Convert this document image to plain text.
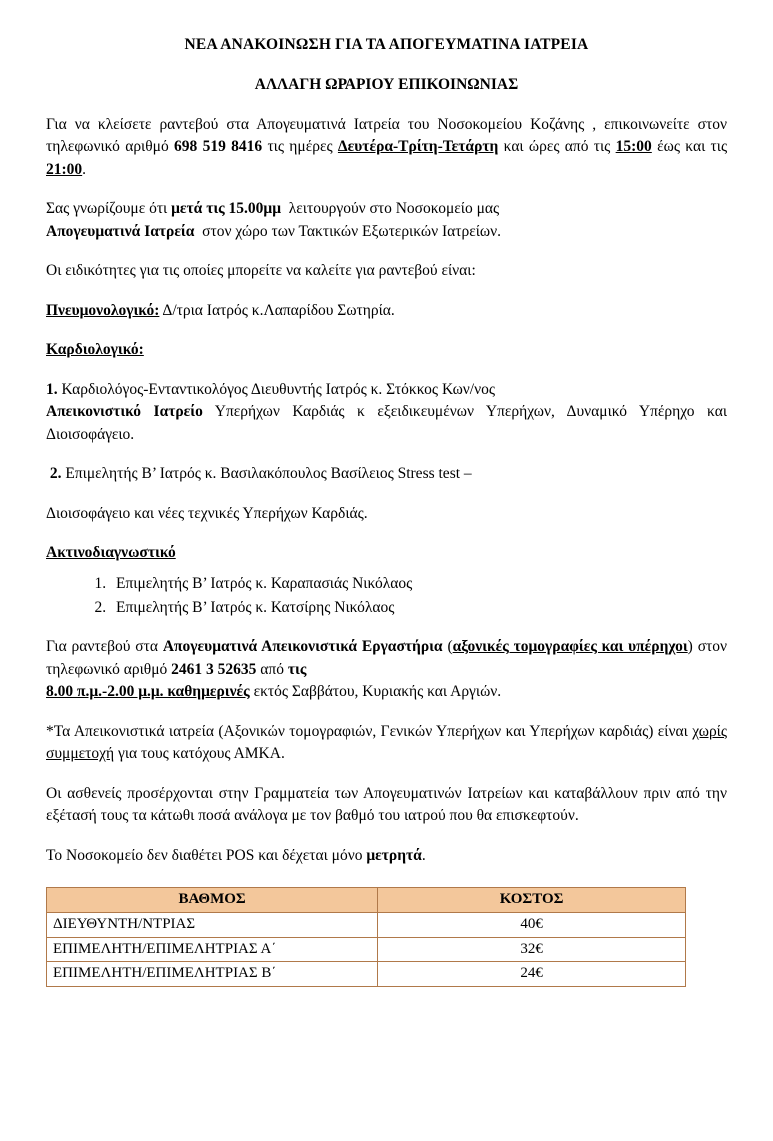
ΝΕΑ ΑΝΑΚΟΙΝΩΣΗ ΓΙΑ ΤΑ ΑΠΟΓΕΥΜΑΤΙΝΑ ΙΑΤΡΕΙΑ
ΑΛΛΑΓΗ ΩΡΑΡΙΟΥ ΕΠΙΚΟΙΝΩΝΙΑΣ

Για να κλείσετε ραντεβού στα Απογευματινά Ιατρεία του Νοσοκομείου Κοζάνης , επικοινωνείτε στον τηλεφωνικό αριθμό 698 519 8416 τις ημέρες Δευτέρα-Τρίτη-Τετάρτη και ώρες από τις 15:00 έως και τις 21:00.

Σας γνωρίζουμε ότι μετά τις 15.00μμ λειτουργούν στο Νοσοκομείο μας
Απογευματινά Ιατρεία στον χώρο των Τακτικών Εξωτερικών Ιατρείων.

Οι ειδικότητες για τις οποίες μπορείτε να καλείτε για ραντεβού είναι:

Πνευμονολογικό: Δ/τρια Ιατρός κ.Λαπαρίδου Σωτηρία.

Καρδιολογικό:

1. Καρδιολόγος-Ενταντικολόγος Διευθυντής Ιατρός κ. Στόκκος Κων/νος
Απεικονιστικό Ιατρείο Υπερήχων Καρδιάς κ εξειδικευμένων Υπερήχων, Δυναμικό Υπέρηχο και Διοισοφάγειο.

2. Επιμελητής Β’ Ιατρός κ. Βασιλακόπουλος Βασίλειος Stress test –

Διοισοφάγειο και νέες τεχνικές Υπερήχων Καρδιάς.

Ακτινοδιαγνωστικό

1. Επιμελητής Β’ Ιατρός κ. Καραπασιάς Νικόλαος
2. Επιμελητής Β’ Ιατρός κ. Κατσίρης Νικόλαος

Για ραντεβού στα Απογευματινά Απεικονιστικά Εργαστήρια (αξονικές τομογραφίες και υπέρηχοι) στον τηλεφωνικό αριθμό 2461 3 52635 από τις
8.00 π.μ.-2.00 μ.μ. καθημερινές εκτός Σαββάτου, Κυριακής και Αργιών.

*Τα Απεικονιστικά ιατρεία (Αξονικών τομογραφιών, Γενικών Υπερήχων και Υπερήχων καρδιάς) είναι χωρίς συμμετοχή για τους κατόχους ΑΜΚΑ.

Οι ασθενείς προσέρχονται στην Γραμματεία των Απογευματινών Ιατρείων και καταβάλλουν πριν από την εξέτασή τους τα κάτωθι ποσά ανάλογα με τον βαθμό του ιατρού που θα επισκεφτούν.

Το Νοσοκομείο δεν διαθέτει POS και δέχεται μόνο μετρητά.

ΒΑΘΜΟΣ	ΚΟΣΤΟΣ
ΔΙΕΥΘΥΝΤΗ/ΝΤΡΙΑΣ	40€
ΕΠΙΜΕΛΗΤΗ/ΕΠΙΜΕΛΗΤΡΙΑΣ Α΄	32€
ΕΠΙΜΕΛΗΤΗ/ΕΠΙΜΕΛΗΤΡΙΑΣ Β΄	24€
